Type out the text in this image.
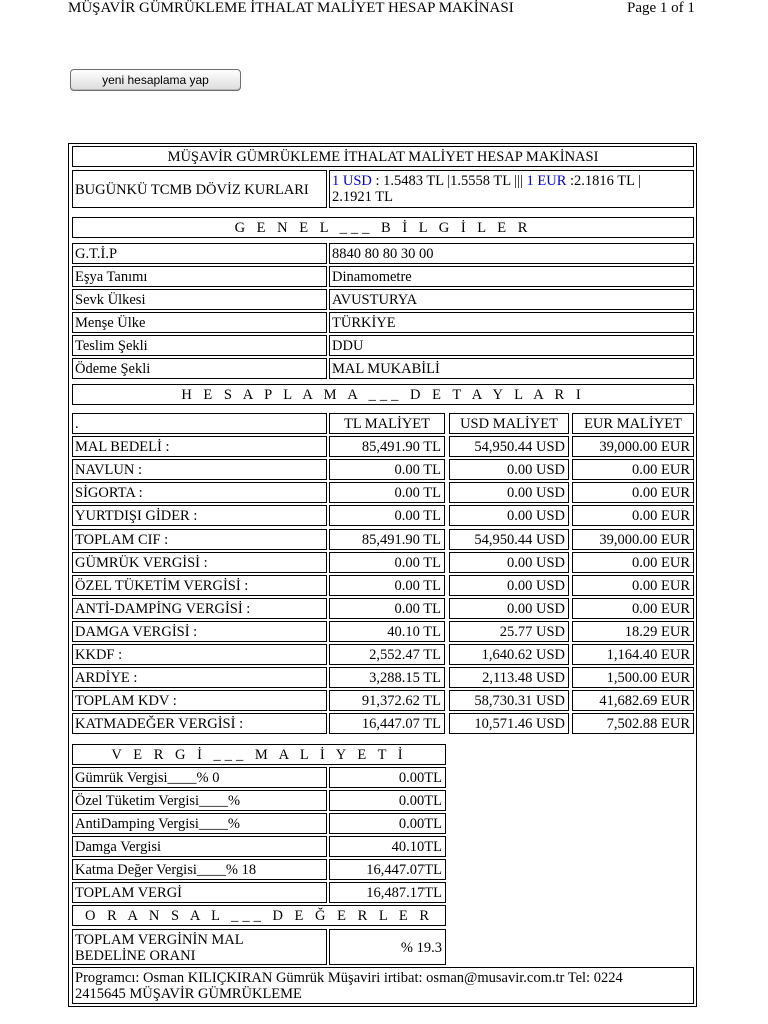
MÜŞAVİR GÜMRÜKLEME İTHALAT MALİYET HESAP MAKİNASI	Page 1 of 1
yeni hesaplama yap
MÜŞAVİR GÜMRÜKLEME İTHALAT MALİYET HESAP MAKİNASI
BUGÜNKÜ TCMB DÖVİZ KURLARI
1 USD : 1.5483 TL |1.5558 TL ||| 1 EUR :2.1816 TL |
2.1921 TL
G E N E L ___ B İ L G İ L E R
G.T.İ.P	8840 80 80 30 00
Eşya Tanımı	Dinamometre
Sevk Ülkesi	AVUSTURYA
Menşe Ülke	TÜRKİYE
Teslim Şekli	DDU
Ödeme Şekli	MAL MUKABİLİ
H E S A P L A M A ___ D E T A Y L A R I
.	TL MALİYET	USD MALİYET	EUR MALİYET
MAL BEDELİ :	85,491.90 TL	54,950.44 USD	39,000.00 EUR
NAVLUN :	0.00 TL	0.00 USD	0.00 EUR
SİGORTA :	0.00 TL	0.00 USD	0.00 EUR
YURTDIŞI GİDER :	0.00 TL	0.00 USD	0.00 EUR
TOPLAM CIF :	85,491.90 TL	54,950.44 USD	39,000.00 EUR
GÜMRÜK VERGİSİ :	0.00 TL	0.00 USD	0.00 EUR
ÖZEL TÜKETİM VERGİSİ :	0.00 TL	0.00 USD	0.00 EUR
ANTİ-DAMPİNG VERGİSİ :	0.00 TL	0.00 USD	0.00 EUR
DAMGA VERGİSİ :	40.10 TL	25.77 USD	18.29 EUR
KKDF :	2,552.47 TL	1,640.62 USD	1,164.40 EUR
ARDİYE :	3,288.15 TL	2,113.48 USD	1,500.00 EUR
TOPLAM KDV :	91,372.62 TL	58,730.31 USD	41,682.69 EUR
KATMADEĞER VERGİSİ :	16,447.07 TL	10,571.46 USD	7,502.88 EUR
V E R G İ ___ M A L İ Y E T İ
Gümrük Vergisi____% 0	0.00TL
Özel Tüketim Vergisi____%	0.00TL
AntiDamping Vergisi____%	0.00TL
Damga Vergisi	40.10TL
Katma Değer Vergisi____% 18	16,447.07TL
TOPLAM VERGİ	16,487.17TL
O R A N S A L ___ D E Ğ E R L E R
TOPLAM VERGİNİN MAL
BEDELİNE ORANI	% 19.3
Programcı: Osman KILIÇKIRAN Gümrük Müşaviri irtibat: osman@musavir.com.tr Tel: 0224
2415645 MÜŞAVİR GÜMRÜKLEME
